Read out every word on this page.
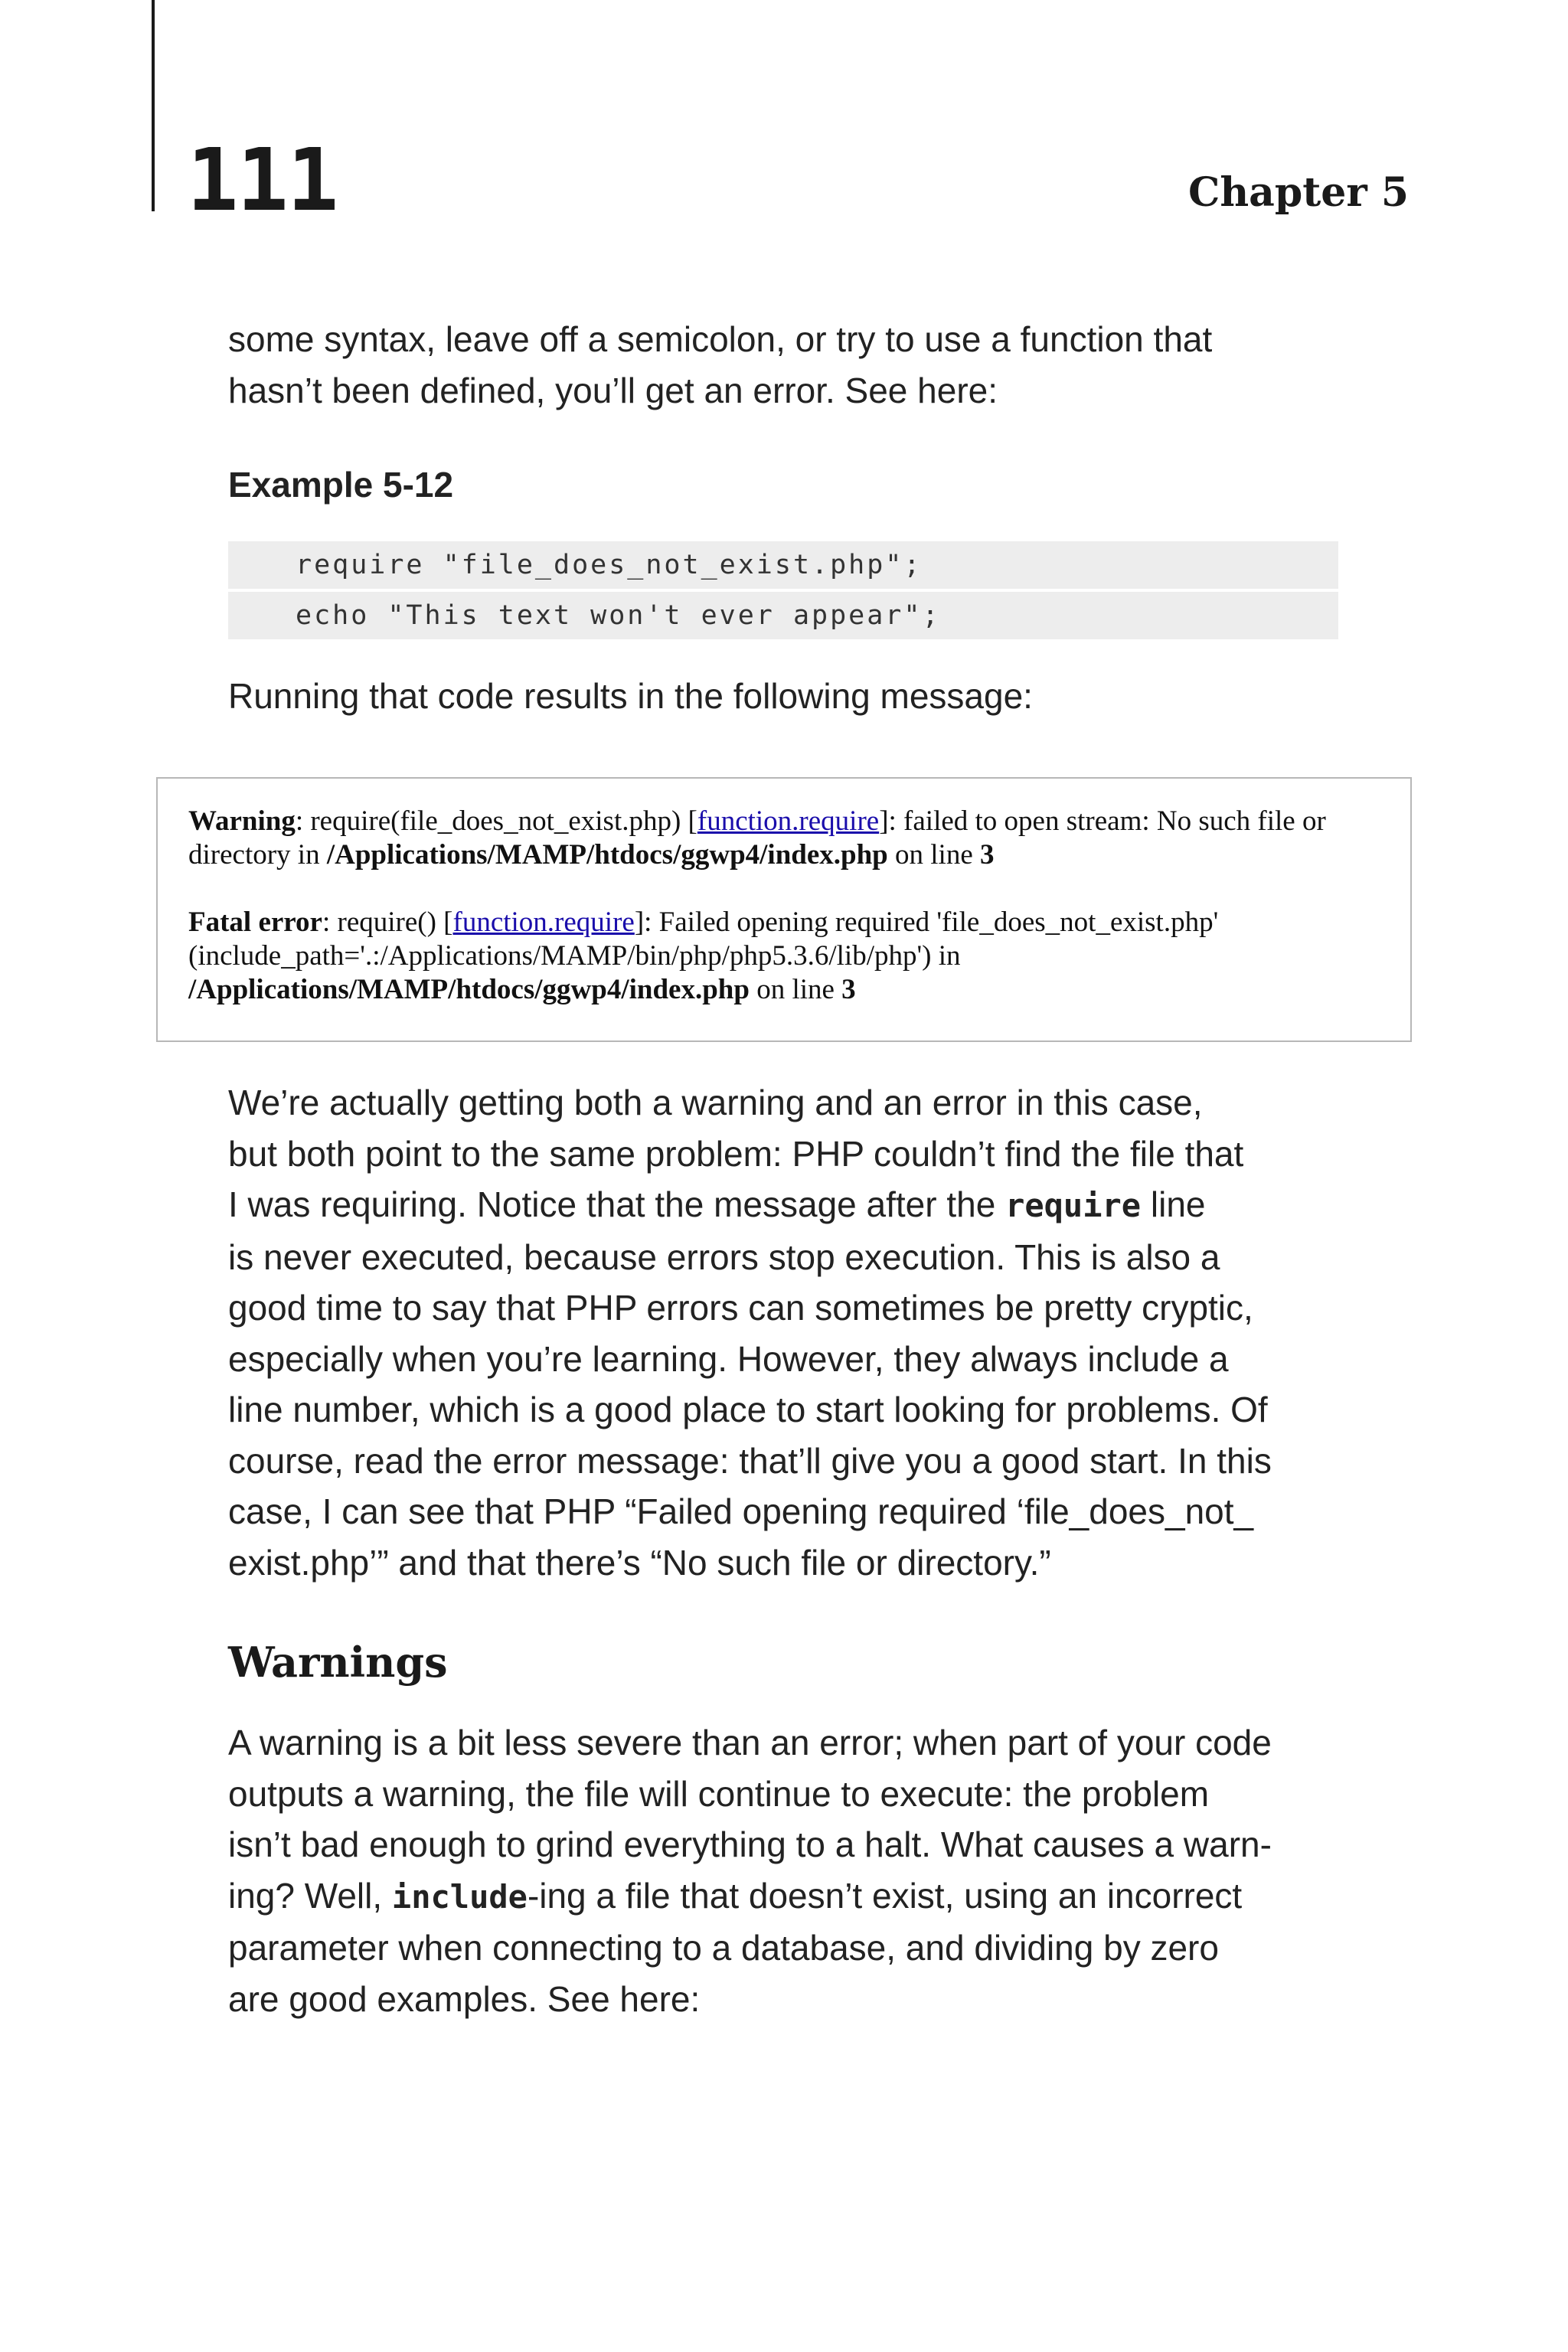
111	Chapter 5
some syntax, leave off a semicolon, or try to use a function that
hasn’t been defined, you’ll get an error. See here:
Example 5-12
require "file_does_not_exist.php";
echo "This text won't ever appear";
Running that code results in the following message:

Warning: require(file_does_not_exist.php) [function.require]: failed to open stream: No such file or directory in /Applications/MAMP/htdocs/ggwp4/index.php on line 3

Fatal error: require() [function.require]: Failed opening required 'file_does_not_exist.php' (include_path='.:/Applications/MAMP/bin/php/php5.3.6/lib/php') in
/Applications/MAMP/htdocs/ggwp4/index.php on line 3

We’re actually getting both a warning and an error in this case,
but both point to the same problem: PHP couldn’t find the file that
I was requiring. Notice that the message after the require line
is never executed, because errors stop execution. This is also a
good time to say that PHP errors can sometimes be pretty cryptic,
especially when you’re learning. However, they always include a
line number, which is a good place to start looking for problems. Of
course, read the error message: that’ll give you a good start. In this
case, I can see that PHP “Failed opening required ‘file_does_not_
exist.php’” and that there’s “No such file or directory.”
Warnings
A warning is a bit less severe than an error; when part of your code
outputs a warning, the file will continue to execute: the problem
isn’t bad enough to grind everything to a halt. What causes a warn-
ing? Well, include-ing a file that doesn’t exist, using an incorrect
parameter when connecting to a database, and dividing by zero
are good examples. See here:
